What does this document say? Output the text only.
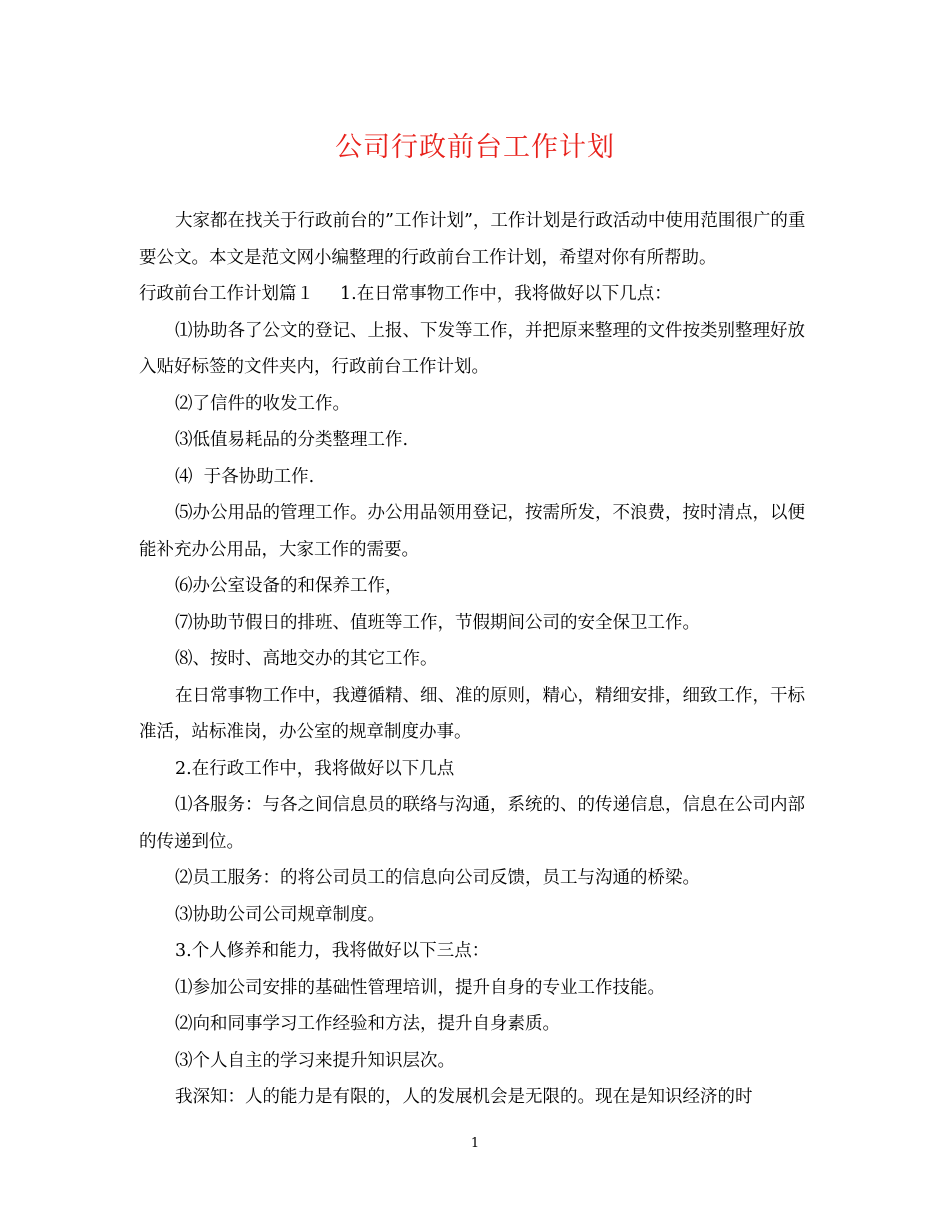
公司行政前台工作计划

大家都在找关于行政前台的”工作计划”，工作计划是行政活动中使用范围很广的重要公文。本文是范文网小编整理的行政前台工作计划，希望对你有所帮助。

行政前台工作计划篇１ 1.在日常事物工作中，我将做好以下几点：

⑴协助各了公文的登记、上报、下发等工作，并把原来整理的文件按类别整理好放入贴好标签的文件夹内，行政前台工作计划。

⑵了信件的收发工作。

⑶低值易耗品的分类整理工作.

⑷  于各协助工作.

⑸办公用品的管理工作。办公用品领用登记，按需所发，不浪费，按时清点，以便能补充办公用品，大家工作的需要。

⑹办公室设备的和保养工作，

⑺协助节假日的排班、值班等工作，节假期间公司的安全保卫工作。

⑻、按时、高地交办的其它工作。

在日常事物工作中，我遵循精、细、准的原则，精心，精细安排，细致工作，干标准活，站标准岗，办公室的规章制度办事。

2.在行政工作中，我将做好以下几点

⑴各服务：与各之间信息员的联络与沟通，系统的、的传递信息，信息在公司内部的传递到位。

⑵员工服务：的将公司员工的信息向公司反馈，员工与沟通的桥梁。

⑶协助公司公司规章制度。

3.个人修养和能力，我将做好以下三点：

⑴参加公司安排的基础性管理培训，提升自身的专业工作技能。

⑵向和同事学习工作经验和方法，提升自身素质。

⑶个人自主的学习来提升知识层次。

我深知：人的能力是有限的，人的发展机会是无限的。现在是知识经济的时

1
